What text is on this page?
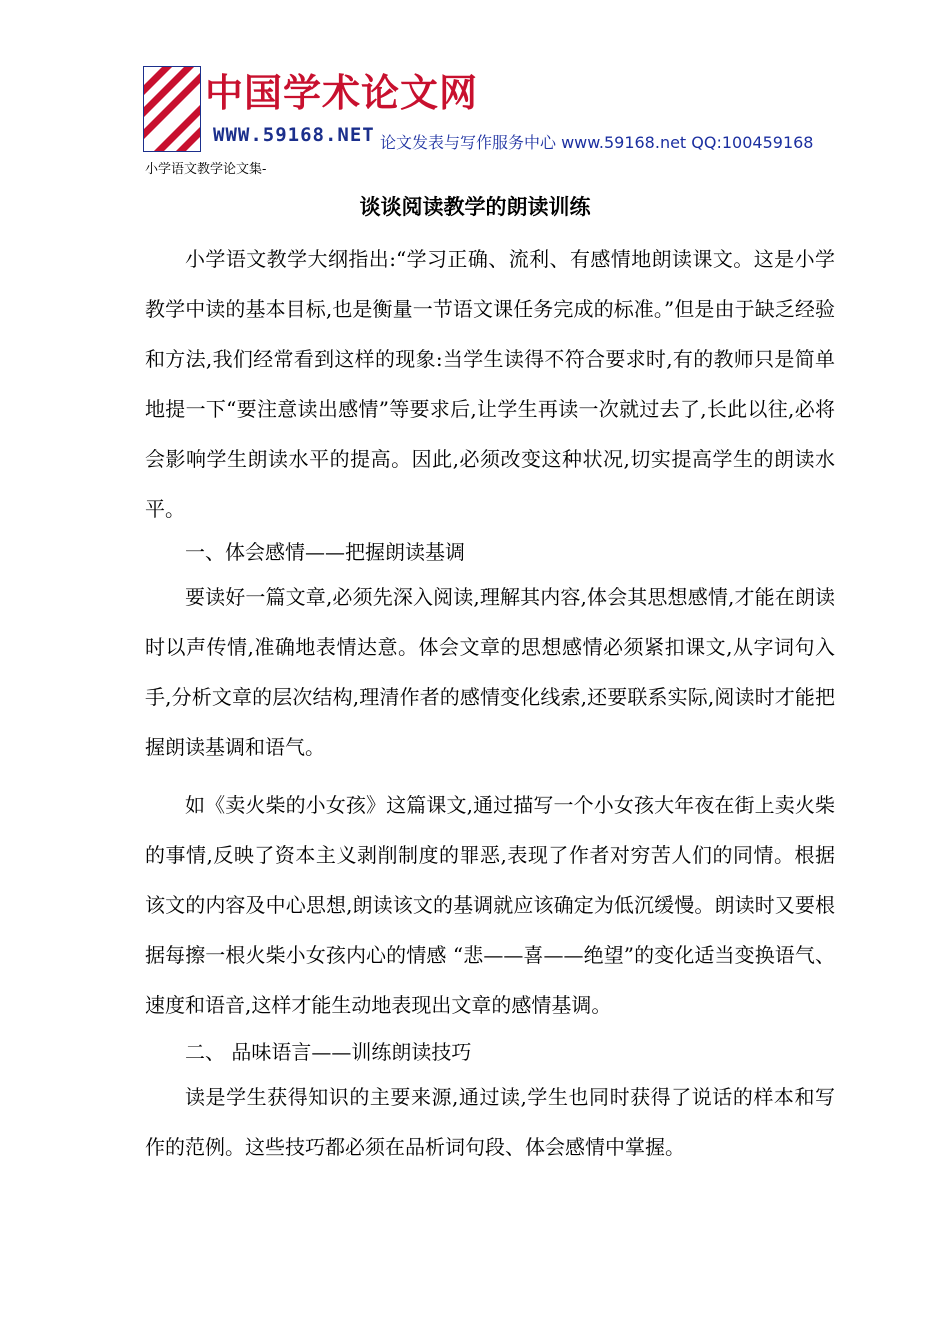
中国学术论文网
WWW.59168.NET 论文发表与写作服务中心 www.59168.net QQ:100459168
小学语文教学论文集-
谈谈阅读教学的朗读训练

小学语文教学大纲指出:“学习正确、流利、有感情地朗读课文。这是小学教学中读的基本目标,也是衡量一节语文课任务完成的标准。”但是由于缺乏经验和方法,我们经常看到这样的现象:当学生读得不符合要求时,有的教师只是简单地提一下“要注意读出感情”等要求后,让学生再读一次就过去了,长此以往,必将会影响学生朗读水平的提高。因此,必须改变这种状况,切实提高学生的朗读水平。

一、体会感情——把握朗读基调

要读好一篇文章,必须先深入阅读,理解其内容,体会其思想感情,才能在朗读时以声传情,准确地表情达意。体会文章的思想感情必须紧扣课文,从字词句入手,分析文章的层次结构,理清作者的感情变化线索,还要联系实际,阅读时才能把握朗读基调和语气。

如《卖火柴的小女孩》这篇课文,通过描写一个小女孩大年夜在街上卖火柴的事情,反映了资本主义剥削制度的罪恶,表现了作者对穷苦人们的同情。根据该文的内容及中心思想,朗读该文的基调就应该确定为低沉缓慢。朗读时又要根据每擦一根火柴小女孩内心的情感 “悲——喜——绝望”的变化适当变换语气、速度和语音,这样才能生动地表现出文章的感情基调。

二、 品味语言——训练朗读技巧

读是学生获得知识的主要来源,通过读,学生也同时获得了说话的样本和写作的范例。这些技巧都必须在品析词句段、体会感情中掌握。
